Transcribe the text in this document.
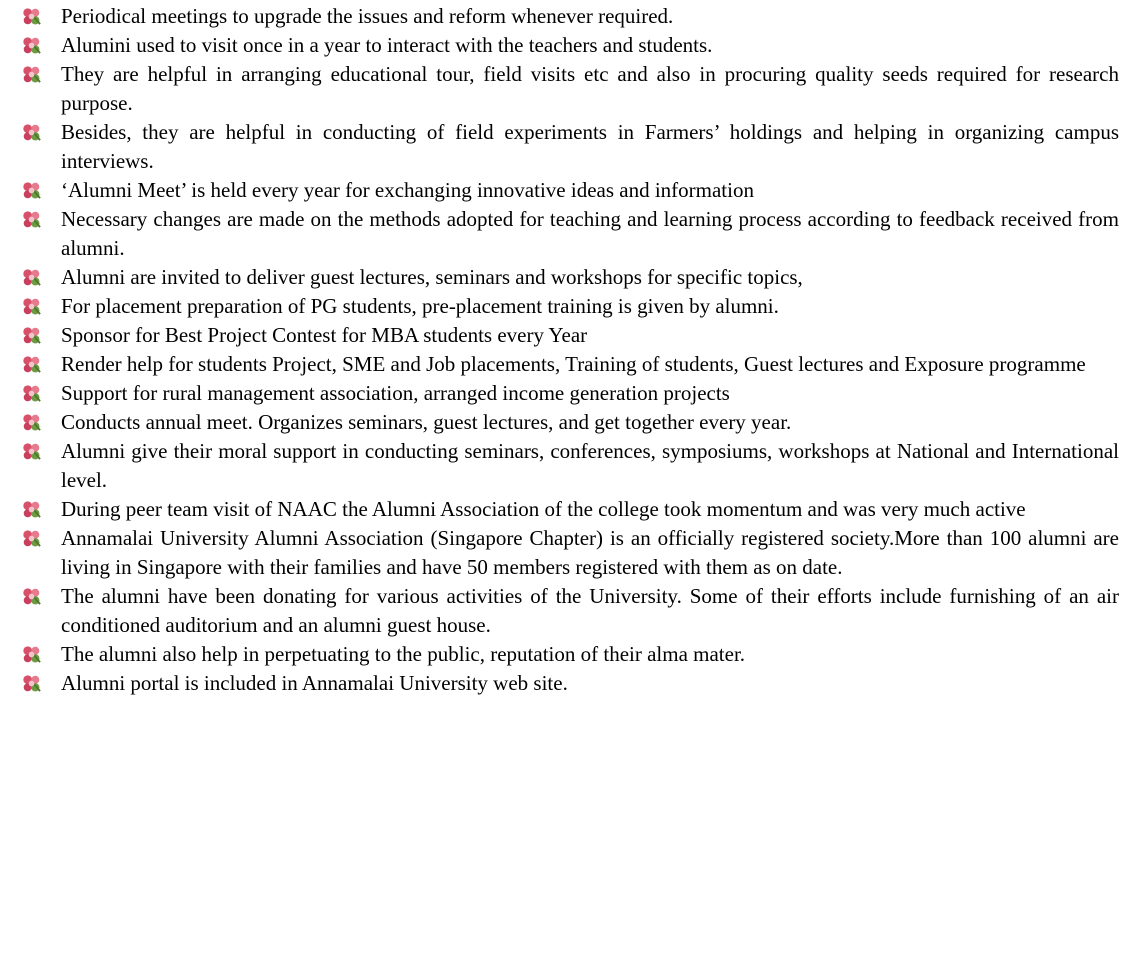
Periodical meetings to upgrade the issues and reform whenever required.
Alumini used to visit once in a year to interact with the teachers and students.
They are helpful in arranging educational tour, field visits etc and also in procuring quality seeds required for research purpose.
Besides, they are helpful in conducting of field experiments in Farmers’ holdings and helping in organizing campus interviews.
‘Alumni Meet’ is held every year for exchanging innovative ideas and information
Necessary changes are made on the methods adopted for teaching and learning process according to feedback received from alumni.
Alumni are invited to deliver guest lectures, seminars and workshops for specific topics,
For placement preparation of PG students, pre-placement training is given by alumni.
Sponsor for Best Project Contest for MBA students every Year
Render help for students Project, SME and Job placements, Training of students, Guest lectures and Exposure programme
Support for rural management association, arranged income generation projects
Conducts annual meet. Organizes seminars, guest lectures, and get together every year.
Alumni give their moral support in conducting seminars, conferences, symposiums, workshops at National and International level.
During peer team visit of NAAC the Alumni Association of the college took momentum and was very much active
Annamalai University Alumni Association (Singapore Chapter) is an officially registered society.More than 100 alumni are living in Singapore with their families and have 50 members registered with them as on date.
The alumni have been donating for various activities of the University. Some of their efforts include furnishing of an air conditioned auditorium and an alumni guest house.
The alumni also help in perpetuating to the public, reputation of their alma mater.
Alumni portal is included in Annamalai University web site.
